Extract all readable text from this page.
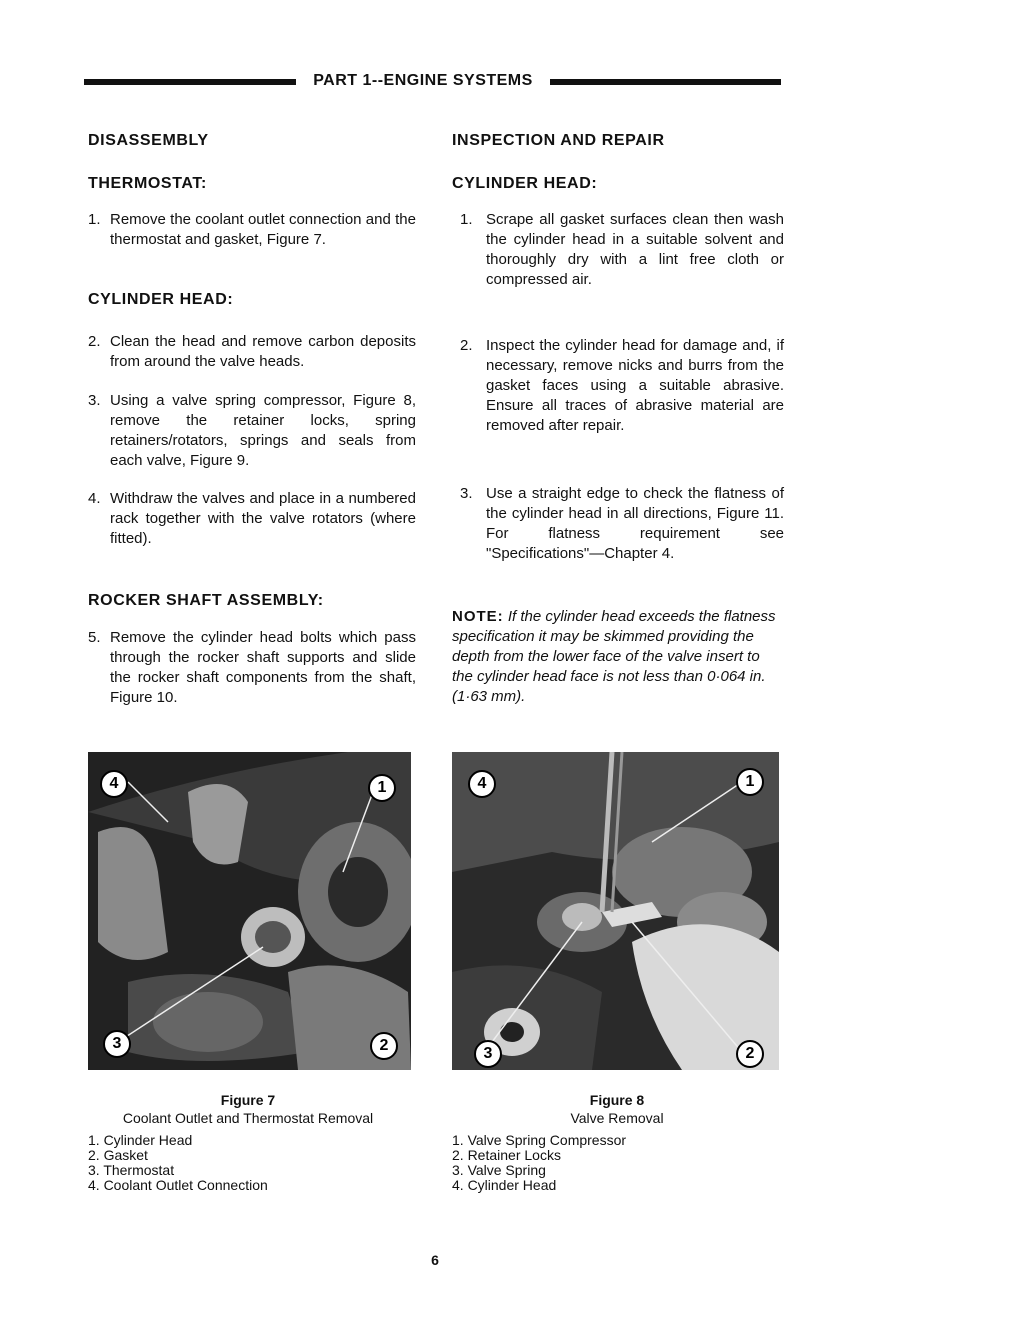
PART 1--ENGINE SYSTEMS
DISASSEMBLY
THERMOSTAT:
1. Remove the coolant outlet connection and the thermostat and gasket, Figure 7.
CYLINDER HEAD:
2. Clean the head and remove carbon deposits from around the valve heads.
3. Using a valve spring compressor, Figure 8, remove the retainer locks, spring retainers/rotators, springs and seals from each valve, Figure 9.
4. Withdraw the valves and place in a numbered rack together with the valve rotators (where fitted).
ROCKER SHAFT ASSEMBLY:
5. Remove the cylinder head bolts which pass through the rocker shaft supports and slide the rocker shaft components from the shaft, Figure 10.
INSPECTION AND REPAIR
CYLINDER HEAD:
1. Scrape all gasket surfaces clean then wash the cylinder head in a suitable solvent and thoroughly dry with a lint free cloth or compressed air.
2. Inspect the cylinder head for damage and, if necessary, remove nicks and burrs from the gasket faces using a suitable abrasive. Ensure all traces of abrasive material are removed after repair.
3. Use a straight edge to check the flatness of the cylinder head in all directions, Figure 11. For flatness requirement see "Specifications"—Chapter 4.
NOTE: If the cylinder head exceeds the flatness specification it may be skimmed providing the depth from the lower face of the valve insert to the cylinder head face is not less than 0·064 in. (1·63 mm).
4	1
3	2
4	1
3	2
Figure 7
Coolant Outlet and Thermostat Removal
1. Cylinder Head
2. Gasket
3. Thermostat
4. Coolant Outlet Connection
Figure 8
Valve Removal
1. Valve Spring Compressor
2. Retainer Locks
3. Valve Spring
4. Cylinder Head
6
